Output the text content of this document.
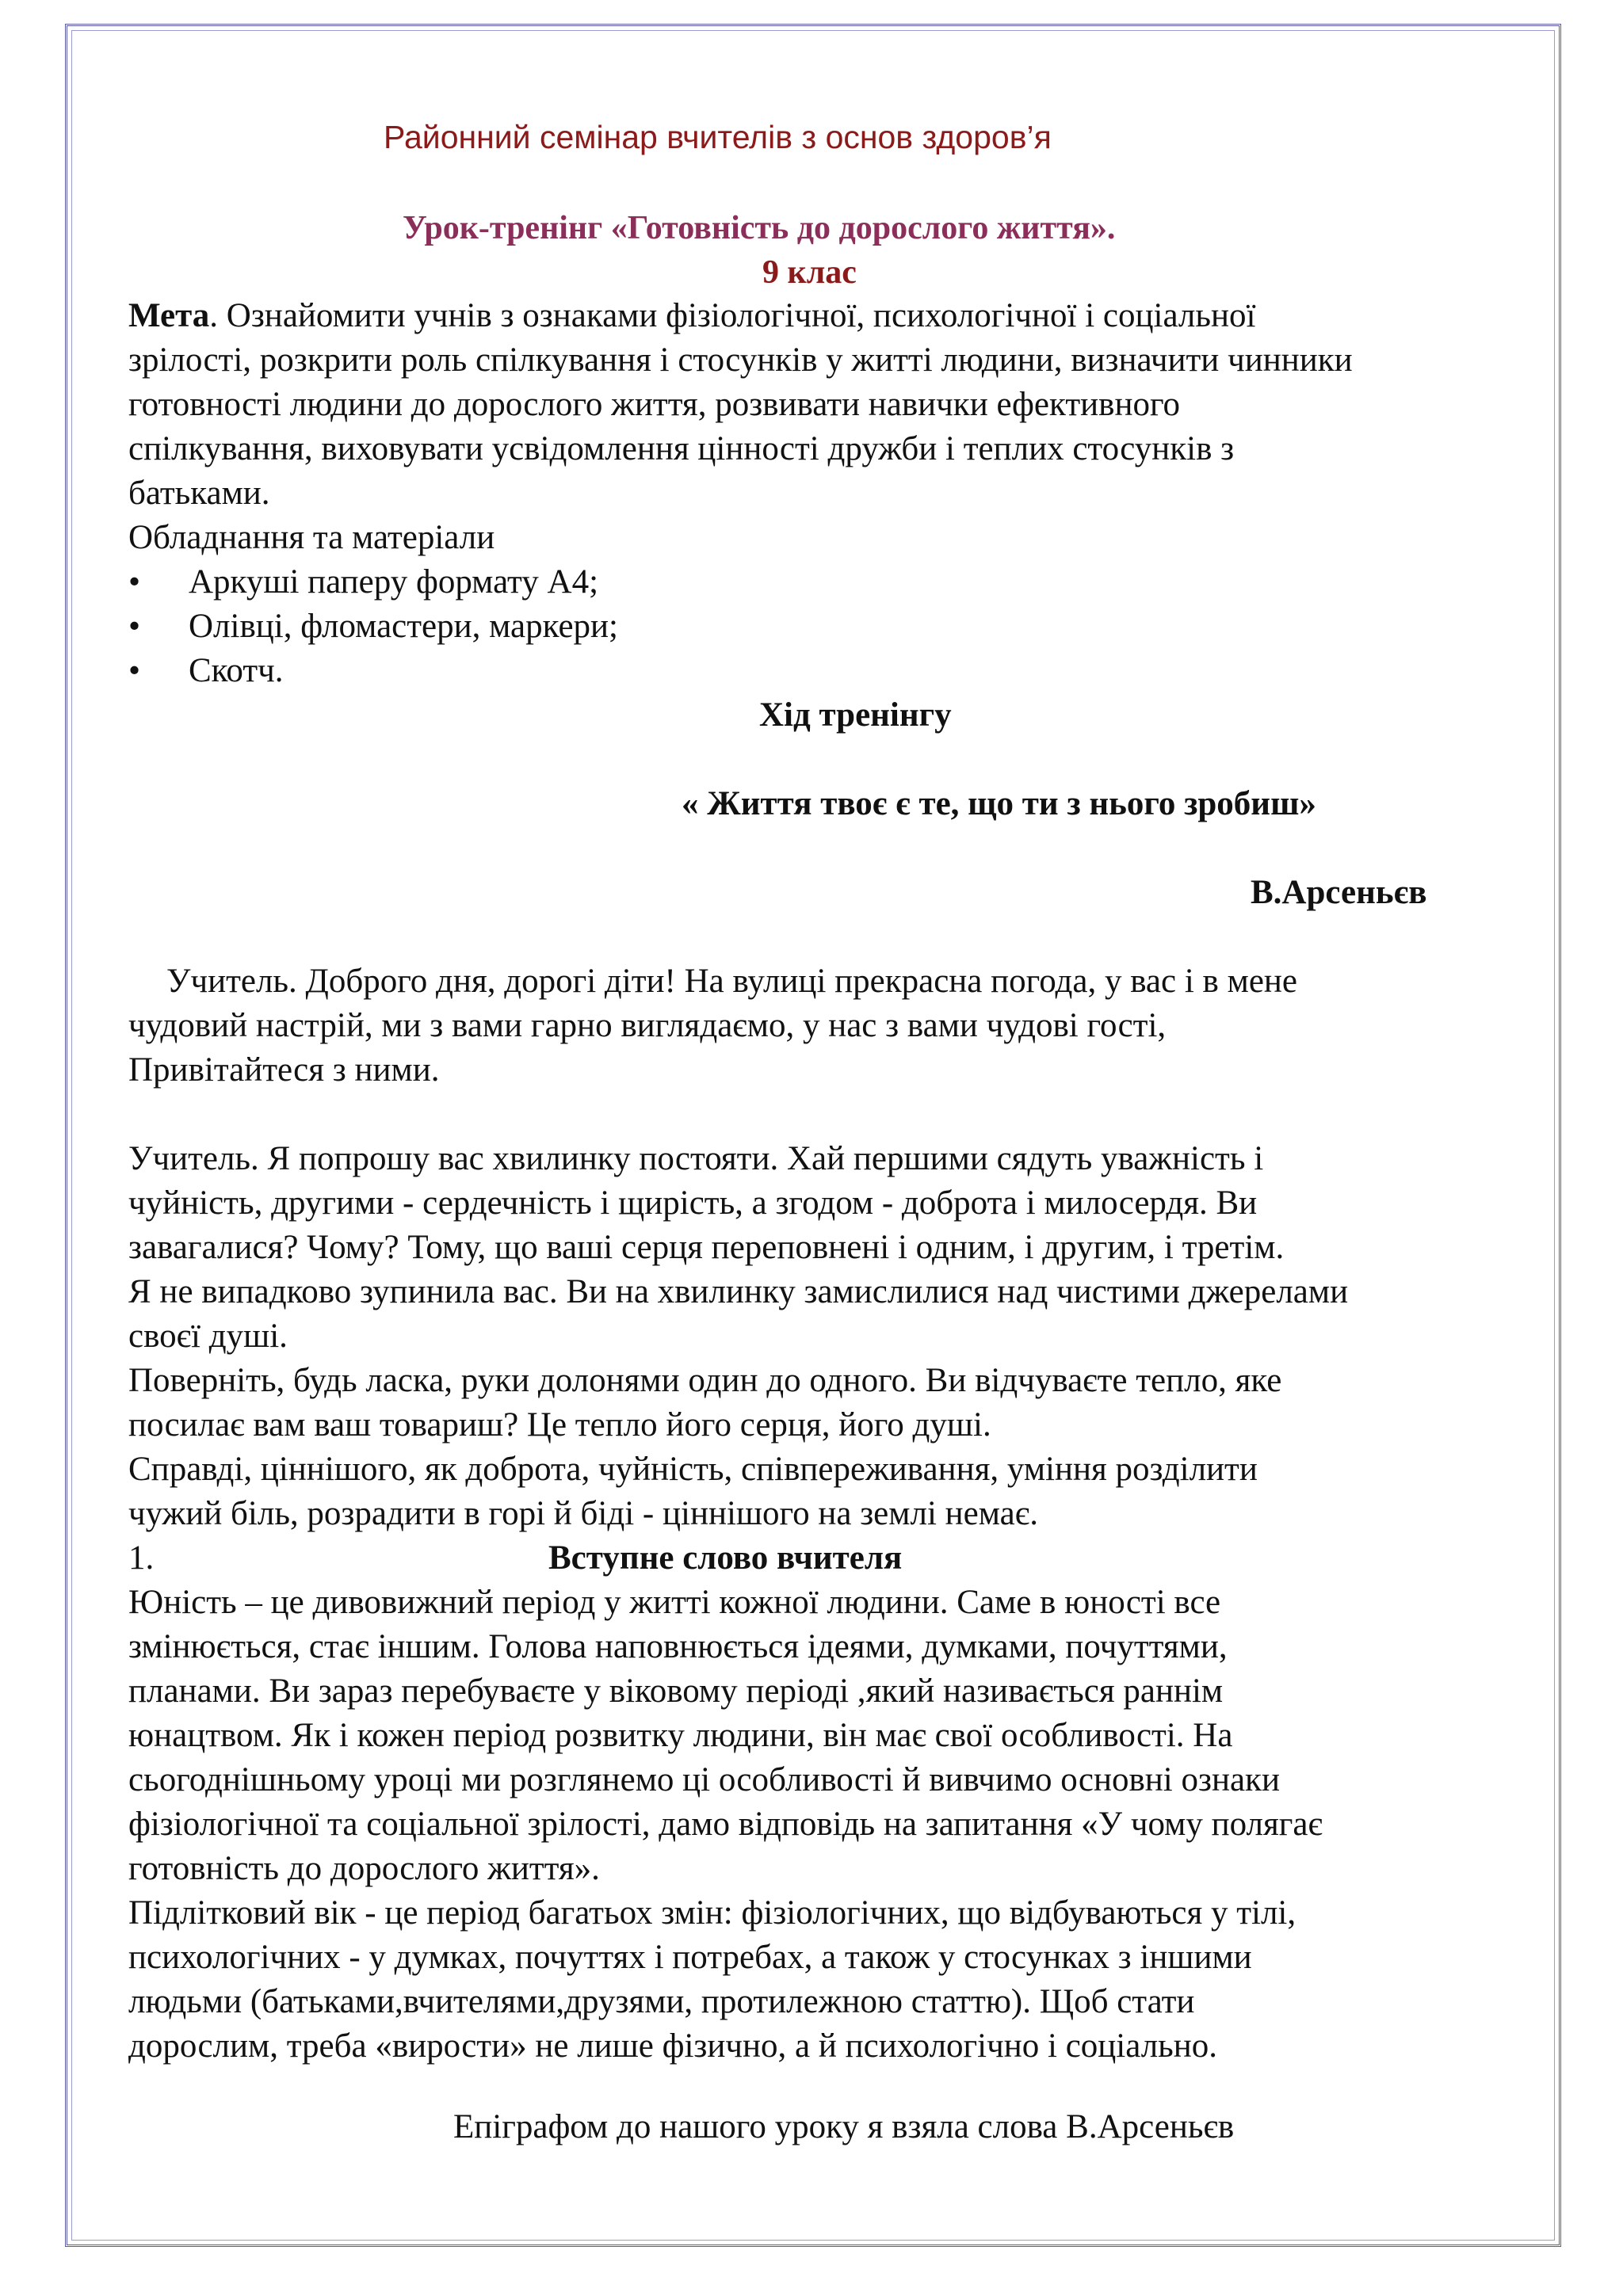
Районний семінар вчителів з основ здоров’я
Урок-тренінг «Готовність до дорослого життя».
9 клас
Мета. Ознайомити учнів з ознаками фізіологічної, психологічної і соціальної
зрілості, розкрити роль спілкування і стосунків у житті людини, визначити чинники
готовності людини до дорослого життя, розвивати навички ефективного
спілкування, виховувати усвідомлення цінності дружби і теплих стосунків з
батьками.
Обладнання та матеріали
• Аркуші паперу формату А4;
• Олівці, фломастери, маркери;
• Скотч.
Хід тренінгу
« Життя твоє є те, що ти з нього зробиш»
В.Арсеньєв
Учитель. Доброго дня, дорогі діти! На вулиці прекрасна погода, у вас і в мене
чудовий настрій, ми з вами гарно виглядаємо, у нас з вами чудові гості,
Привітайтеся з ними.
Учитель. Я попрошу вас хвилинку постояти. Хай першими сядуть уважність і
чуйність, другими - сердечність і щирість, а згодом - доброта і милосердя. Ви
завагалися? Чому? Тому, що ваші серця переповнені і одним, і другим, і третім.
Я не випадково зупинила вас. Ви на хвилинку замислилися над чистими джерелами
своєї душі.
Поверніть, будь ласка, руки долонями один до одного. Ви відчуваєте тепло, яке
посилає вам ваш товариш? Це тепло його серця, його душі.
Справді, ціннішого, як доброта, чуйність, співпереживання, уміння розділити
чужий біль, розрадити в горі й біді - ціннішого на землі немає.
1.	Вступне слово вчителя
Юність – це дивовижний період у житті кожної людини. Саме в юності все
змінюється, стає іншим. Голова наповнюється ідеями, думками, почуттями,
планами. Ви зараз перебуваєте у віковому періоді ,який називається раннім
юнацтвом. Як і кожен період розвитку людини, він має свої особливості. На
сьогоднішньому уроці ми розглянемо ці особливості й вивчимо основні ознаки
фізіологічної та соціальної зрілості, дамо відповідь на запитання «У чому полягає
готовність до дорослого життя».
Підлітковий вік - це період багатьох змін: фізіологічних, що відбуваються у тілі,
психологічних - у думках, почуттях і потребах, а також у стосунках з іншими
людьми (батьками,вчителями,друзями, протилежною статтю). Щоб стати
дорослим, треба «вирости» не лише фізично, а й психологічно і соціально.
Епіграфом до нашого уроку я взяла слова В.Арсеньєв
